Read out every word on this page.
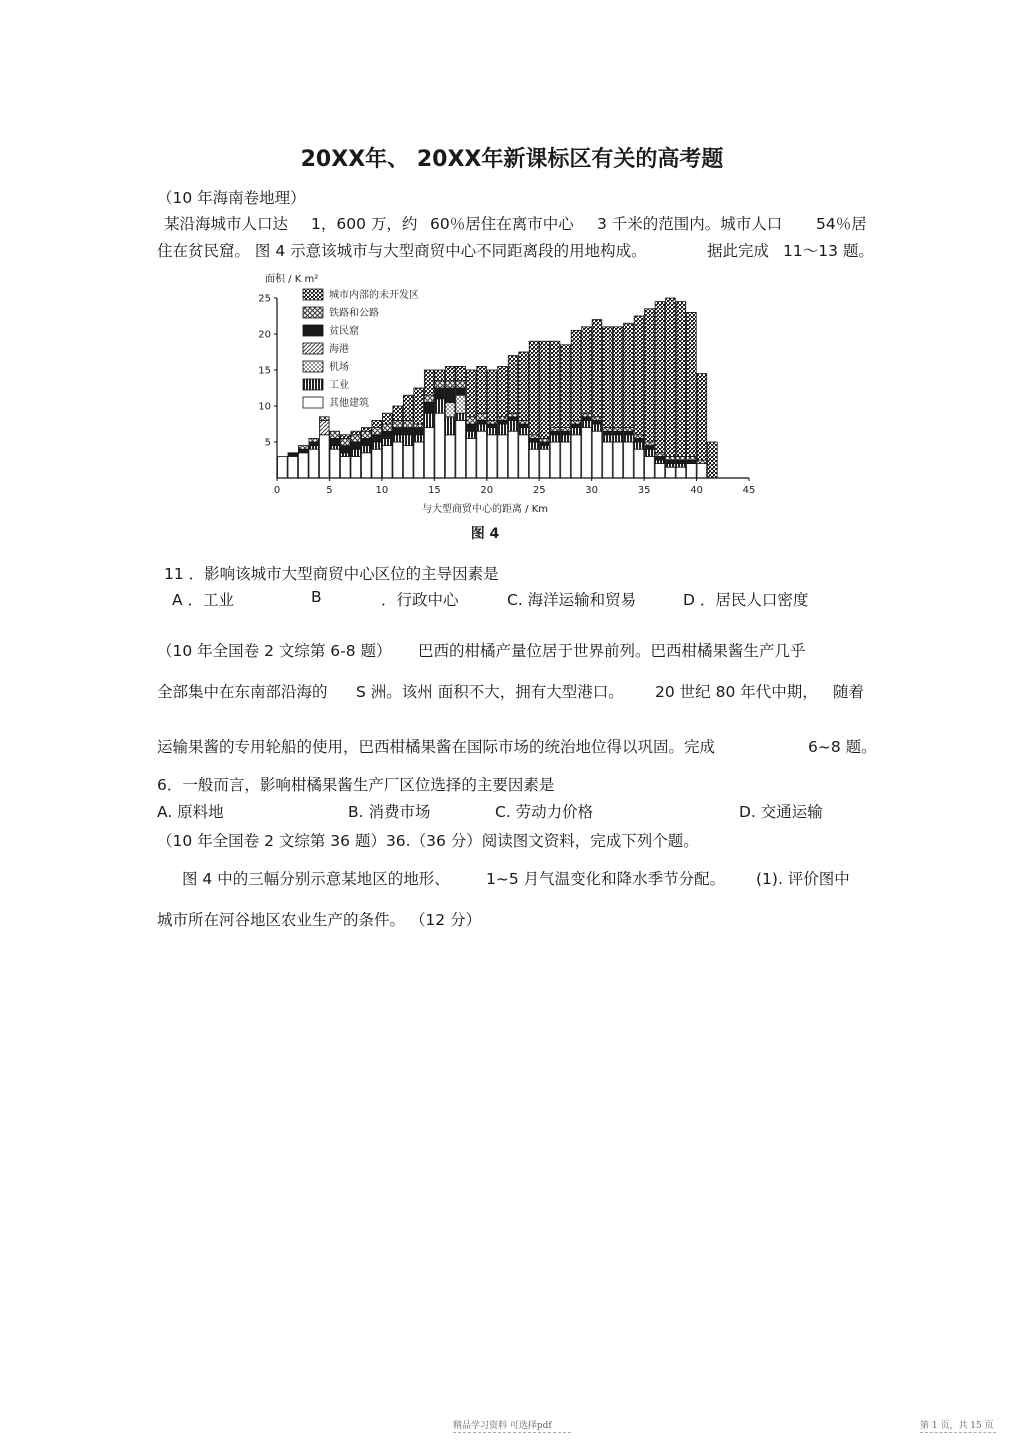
20XX年、 20XX年新课标区有关的高考题
（10 年海南卷地理）
某沿海城市人口达 1，600 万，约 60％居住在离市中心 3 千米的范围内。城市人口 54％居
住在贫民窟。 图 4 示意该城市与大型商贸中心不同距离段的用地构成。	据此完成 11～13 题。
面积 / K m²
0	5	10	15	20	25	30	35	40	45
5
10
15
20
25	城市内部的未开发区
铁路和公路
贫民窟
海港
机场
工业
其他建筑
与大型商贸中心的距离 / Km
图 4
11 ．影响该城市大型商贸中心区位的主导因素是
A ．工业	B	．行政中心	C. 海洋运输和贸易	D ．居民人口密度
（10 年全国卷 2 文综第 6-8 题） 巴西的柑橘产量位居于世界前列。巴西柑橘果酱生产几乎
全部集中在东南部沿海的 S 洲。该州 面积不大，拥有大型港口。 20 世纪 80 年代中期， 随着
运输果酱的专用轮船的使用，巴西柑橘果酱在国际市场的统治地位得以巩固。完成	6~8 题。
6．一般而言，影响柑橘果酱生产厂区位选择的主要因素是
A. 原料地	B. 消费市场	C. 劳动力价格	D. 交通运输
（10 年全国卷 2 文综第 36 题）36.（36 分）阅读图文资料，完成下列个题。
图 4 中的三幅分别示意某地区的地形、 1~5 月气温变化和降水季节分配。 (1). 评价图中
城市所在河谷地区农业生产的条件。 （12 分）
精品学习资料 可选择pdf	第 1 页，共 15 页
